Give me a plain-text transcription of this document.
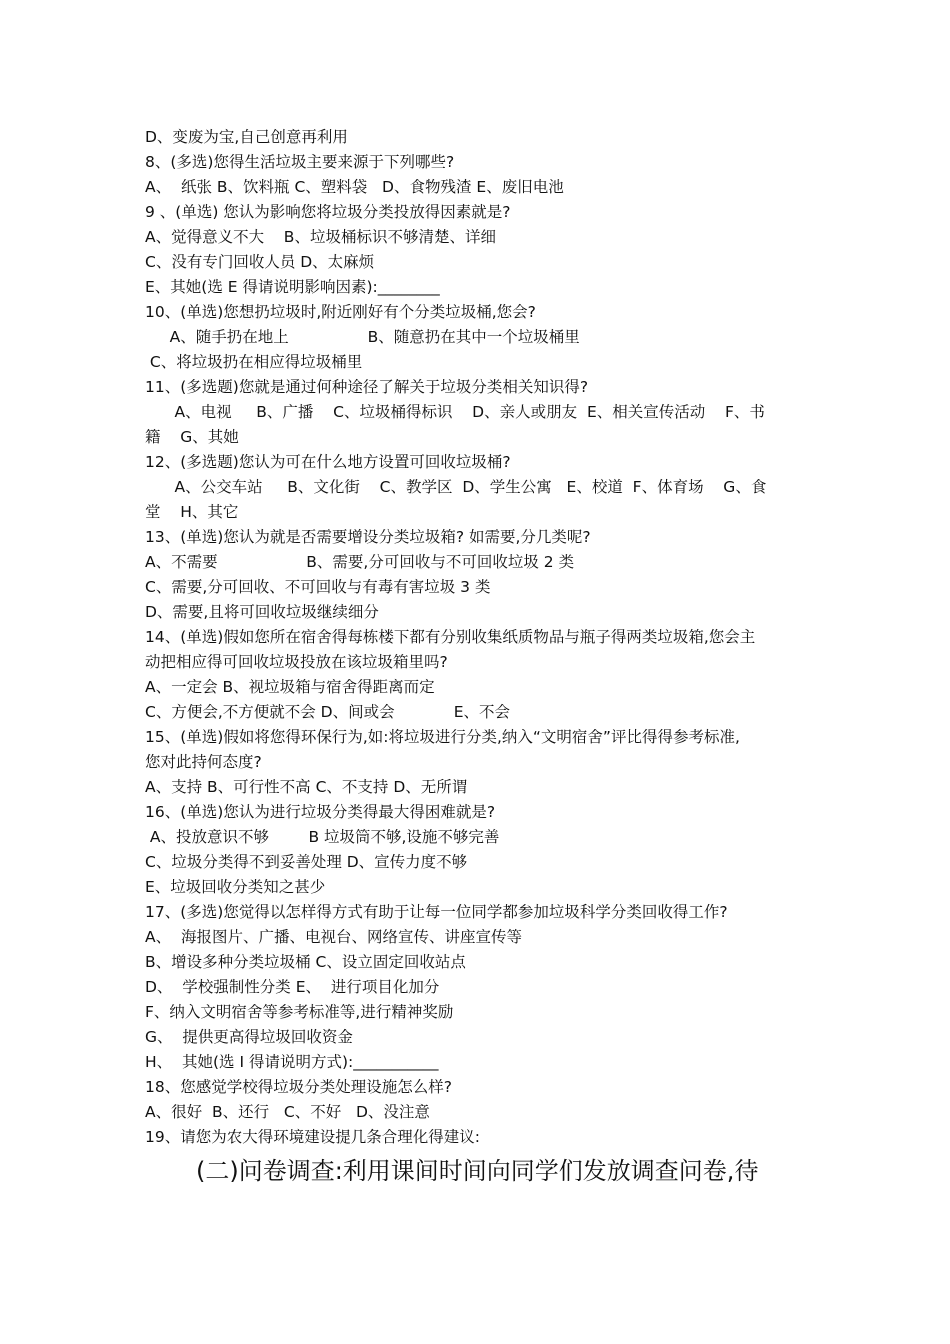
D、变废为宝,自己创意再利用
8、(多选)您得生活垃圾主要来源于下列哪些?
A、  纸张 B、饮料瓶 C、塑料袋   D、食物残渣 E、废旧电池
9 、(单选) 您认为影响您将垃圾分类投放得因素就是?
A、觉得意义不大    B、垃圾桶标识不够清楚、详细
C、没有专门回收人员 D、太麻烦
E、其她(选 E 得请说明影响因素):________
10、(单选)您想扔垃圾时,附近刚好有个分类垃圾桶,您会?
A、随手扔在地上                B、随意扔在其中一个垃圾桶里
C、将垃圾扔在相应得垃圾桶里
11、(多选题)您就是通过何种途径了解关于垃圾分类相关知识得?
A、电视     B、广播    C、垃圾桶得标识    D、亲人或朋友  E、相关宣传活动    F、书
籍    G、其她
12、(多选题)您认为可在什么地方设置可回收垃圾桶?
A、公交车站     B、文化街    C、教学区  D、学生公寓   E、校道  F、体育场    G、食
堂    H、其它
13、(单选)您认为就是否需要增设分类垃圾箱? 如需要,分几类呢?
A、不需要                  B、需要,分可回收与不可回收垃圾 2 类
C、需要,分可回收、不可回收与有毒有害垃圾 3 类
D、需要,且将可回收垃圾继续细分
14、(单选)假如您所在宿舍得每栋楼下都有分别收集纸质物品与瓶子得两类垃圾箱,您会主
动把相应得可回收垃圾投放在该垃圾箱里吗?
A、一定会 B、视垃圾箱与宿舍得距离而定
C、方便会,不方便就不会 D、间或会            E、不会
15、(单选)假如将您得环保行为,如:将垃圾进行分类,纳入“文明宿舍”评比得得参考标准,
您对此持何态度?
A、支持 B、可行性不高 C、不支持 D、无所谓
16、(单选)您认为进行垃圾分类得最大得困难就是?
A、投放意识不够        B 垃圾筒不够,设施不够完善
C、垃圾分类得不到妥善处理 D、宣传力度不够
E、垃圾回收分类知之甚少
17、(多选)您觉得以怎样得方式有助于让每一位同学都参加垃圾科学分类回收得工作?
A、  海报图片、广播、电视台、网络宣传、讲座宣传等
B、增设多种分类垃圾桶 C、设立固定回收站点
D、  学校强制性分类 E、  进行项目化加分
F、纳入文明宿舍等参考标准等,进行精神奖励
G、  提供更高得垃圾回收资金
H、  其她(选 I 得请说明方式):___________
18、您感觉学校得垃圾分类处理设施怎么样?
A、很好  B、还行   C、不好   D、没注意
19、请您为农大得环境建设提几条合理化得建议:
(二)问卷调查:利用课间时间向同学们发放调查问卷,待
